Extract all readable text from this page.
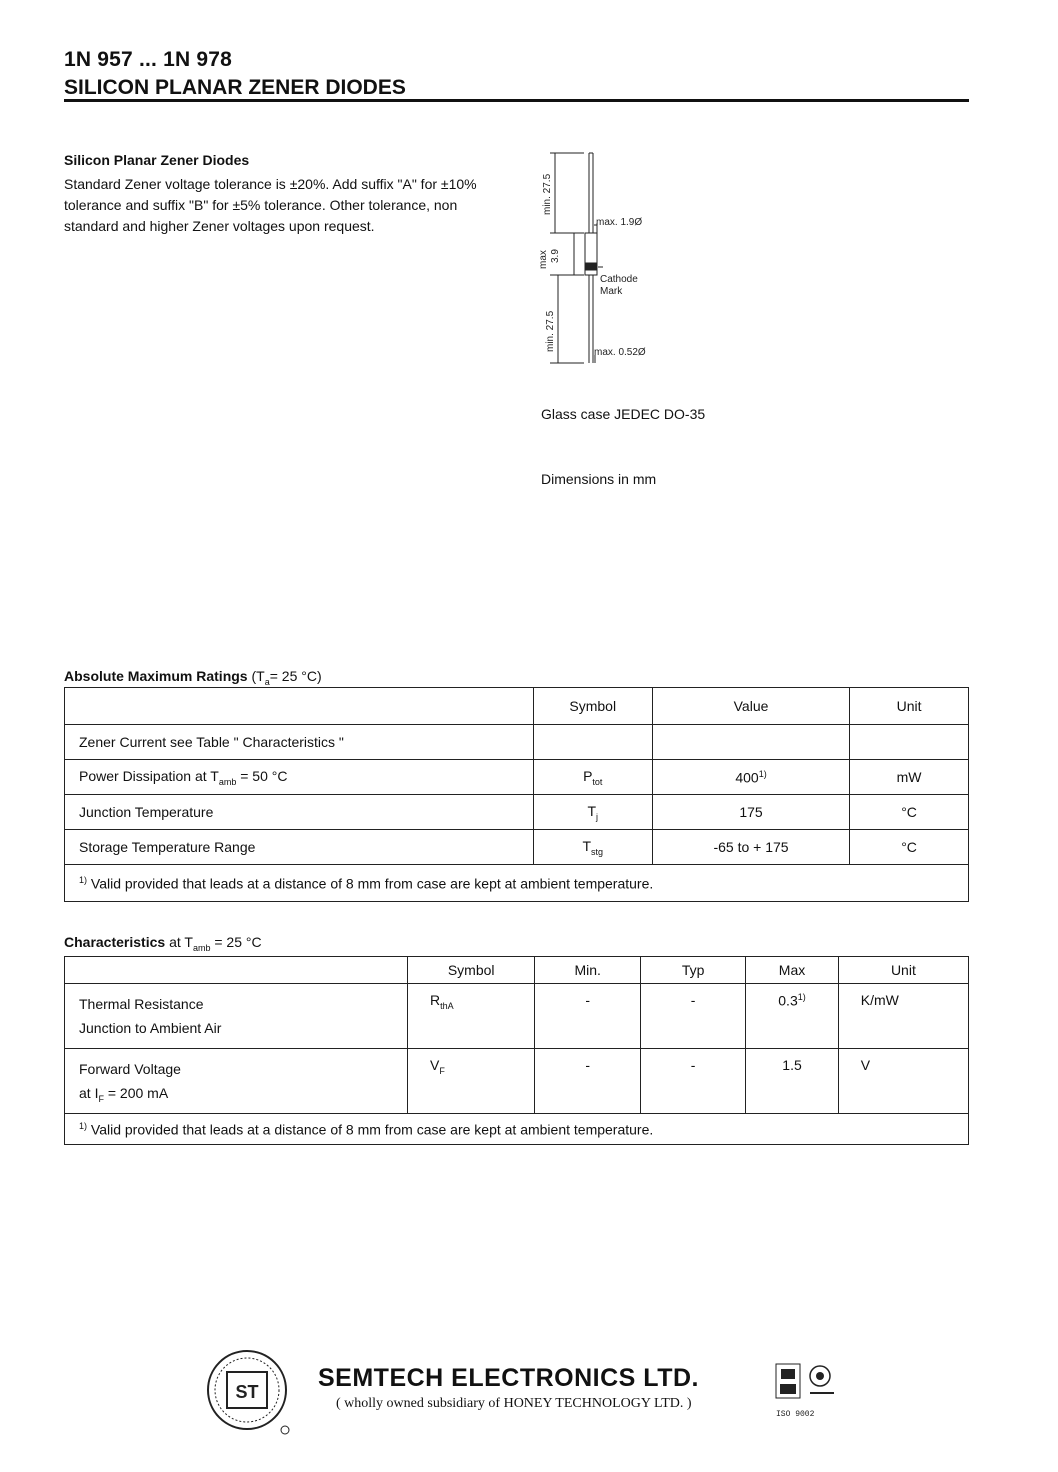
1N 957 ... 1N 978
SILICON PLANAR ZENER DIODES
Silicon Planar Zener Diodes
Standard Zener voltage tolerance is ±20%. Add suffix "A" for ±10% tolerance and suffix "B" for ±5% tolerance. Other tolerance, non standard and higher Zener voltages upon request.
min. 27.5
min. 27.5
max 3.9
max. 1.9Ø
Cathode
Mark
max. 0.52Ø
Glass case JEDEC DO-35
Dimensions in mm
Absolute Maximum Ratings ($T_a= 25$ °C)
	Symbol	Value	Unit
Zener Current see Table " Characteristics "			
Power Dissipation at $T_{amb} = 50$ °C	$P_{tot}$	400$^{1)}$	mW
Junction Temperature	$T_j$	175	°C
Storage Temperature Range	$T_{stg}$	-65 to + 175	°C
$^{1)}$ Valid provided that leads at a distance of 8 mm from case are kept at ambient temperature.			
Characteristics at $T_{amb} = 25$ °C
	Symbol	Min.	Typ	Max	Unit
Thermal Resistance
Junction to Ambient Air	$R_{thA}$	-	-	0.3$^{1)}$	K/mW
Forward Voltage
at $I_F = 200$ mA	$V_F$	-	-	1.5	V
$^{1)}$ Valid provided that leads at a distance of 8 mm from case are kept at ambient temperature.					
ST SEMTECH ELECTRONICS LTD.
( wholly owned subsidiary of HONEY TECHNOLOGY LTD. )
ISO 9002
